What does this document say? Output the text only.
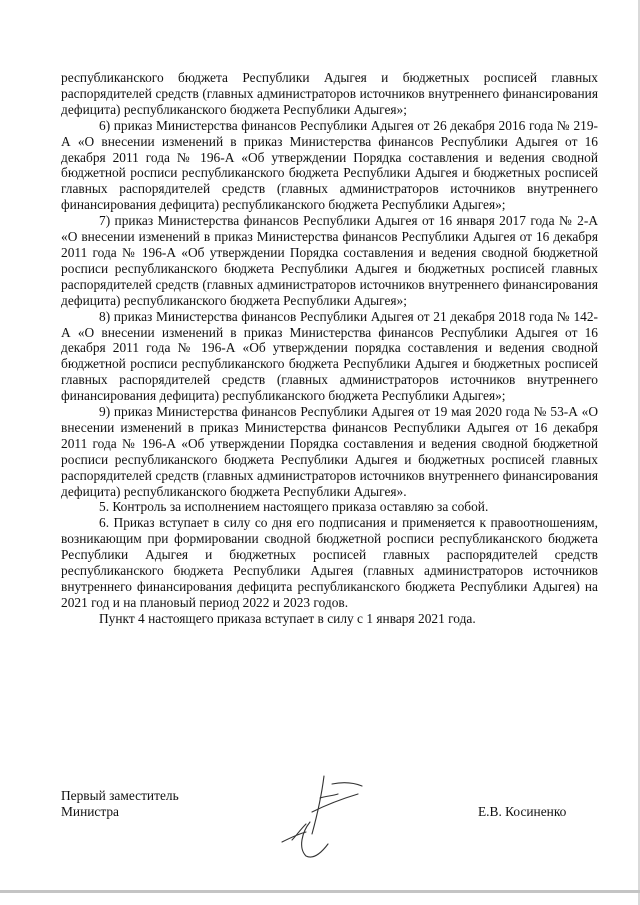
республиканского бюджета Республики Адыгея и бюджетных росписей главных распорядителей средств (главных администраторов источников внутреннего финансирования дефицита) республиканского бюджета Республики Адыгея»;

6) приказ Министерства финансов Республики Адыгея от 26 декабря 2016 года № 219-А «О внесении изменений в приказ Министерства финансов Республики Адыгея от 16 декабря 2011 года № 196-А «Об утверждении Порядка составления и ведения сводной бюджетной росписи республиканского бюджета Республики Адыгея и бюджетных росписей главных распорядителей средств (главных администраторов источников внутреннего финансирования дефицита) республиканского бюджета Республики Адыгея»;

7) приказ Министерства финансов Республики Адыгея от 16 января 2017 года № 2-А «О внесении изменений в приказ Министерства финансов Республики Адыгея от 16 декабря 2011 года № 196-А «Об утверждении Порядка составления и ведения сводной бюджетной росписи республиканского бюджета Республики Адыгея и бюджетных росписей главных распорядителей средств (главных администраторов источников внутреннего финансирования дефицита) республиканского бюджета Республики Адыгея»;

8) приказ Министерства финансов Республики Адыгея от 21 декабря 2018 года № 142-А «О внесении изменений в приказ Министерства финансов Республики Адыгея от 16 декабря 2011 года № 196-А «Об утверждении порядка составления и ведения сводной бюджетной росписи республиканского бюджета Республики Адыгея и бюджетных росписей главных распорядителей средств (главных администраторов источников внутреннего финансирования дефицита) республиканского бюджета Республики Адыгея»;

9) приказ Министерства финансов Республики Адыгея от 19 мая 2020 года № 53-А «О внесении изменений в приказ Министерства финансов Республики Адыгея от 16 декабря 2011 года № 196-А «Об утверждении Порядка составления и ведения сводной бюджетной росписи республиканского бюджета Республики Адыгея и бюджетных росписей главных распорядителей средств (главных администраторов источников внутреннего финансирования дефицита) республиканского бюджета Республики Адыгея».

5. Контроль за исполнением настоящего приказа оставляю за собой.

6. Приказ вступает в силу со дня его подписания и применяется к правоотношениям, возникающим при формировании сводной бюджетной росписи республиканского бюджета Республики Адыгея и бюджетных росписей главных распорядителей средств республиканского бюджета Республики Адыгея (главных администраторов источников внутреннего финансирования дефицита республиканского бюджета Республики Адыгея) на 2021 год и на плановый период 2022 и 2023 годов.

Пункт 4 настоящего приказа вступает в силу с 1 января 2021 года.

Первый заместитель
Министра	Е.В. Косиненко
